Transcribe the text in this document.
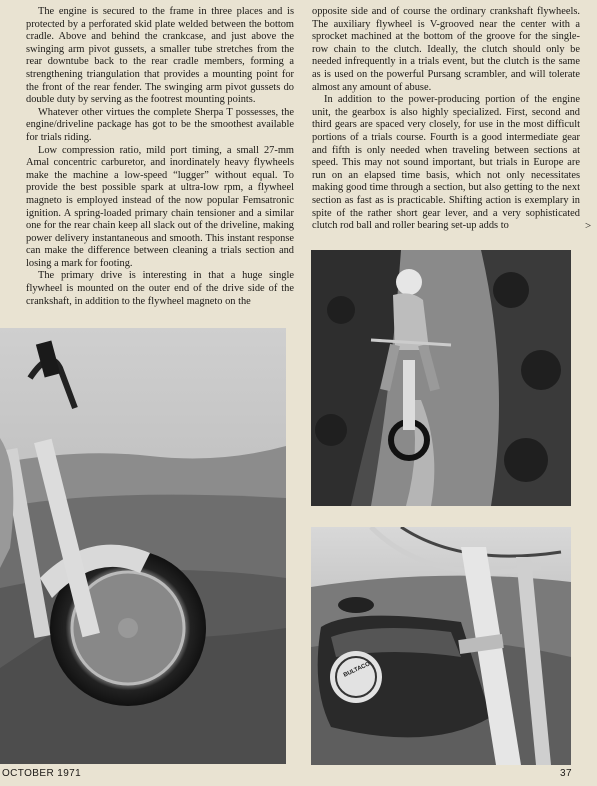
The engine is secured to the frame in three places and is protected by a perforated skid plate welded between the bottom cradle. Above and behind the crankcase, and just above the swinging arm pivot gussets, a smaller tube stretches from the rear downtube back to the rear cradle members, forming a strengthening triangulation that provides a mounting point for the front of the rear fender. The swinging arm pivot gussets do double duty by serving as the footrest mounting points.

Whatever other virtues the complete Sherpa T possesses, the engine/driveline package has got to be the smoothest available for trials riding.

Low compression ratio, mild port timing, a small 27-mm Amal concentric carburetor, and inordinately heavy flywheels make the machine a low-speed “lugger” without equal. To provide the best possible spark at ultra-low rpm, a flywheel magneto is employed instead of the now popular Femsatronic ignition. A spring-loaded primary chain tensioner and a similar one for the rear chain keep all slack out of the driveline, making power delivery instantaneous and smooth. This instant response can make the difference between cleaning a trials section and losing a mark for footing.

The primary drive is interesting in that a huge single flywheel is mounted on the outer end of the drive side of the crankshaft, in addition to the flywheel magneto on the

opposite side and of course the ordinary crankshaft flywheels. The auxiliary flywheel is V-grooved near the center with a sprocket machined at the bottom of the groove for the single-row chain to the clutch. Ideally, the clutch should only be needed infrequently in a trials event, but the clutch is the same as is used on the powerful Pursang scrambler, and will tolerate almost any amount of abuse.

In addition to the power-producing portion of the engine unit, the gearbox is also highly specialized. First, second and third gears are spaced very closely, for use in the most difficult portions of a trials course. Fourth is a good intermediate gear and fifth is only needed when traveling between sections at speed. This may not sound important, but trials in Europe are run on an elapsed time basis, which not only necessitates making good time through a section, but also getting to the next section as fast as is practicable. Shifting action is exemplary in spite of the rather short gear lever, and a very sophisticated clutch rod ball and roller bearing set-up adds to	>
BULTACO
OCTOBER 1971	37
